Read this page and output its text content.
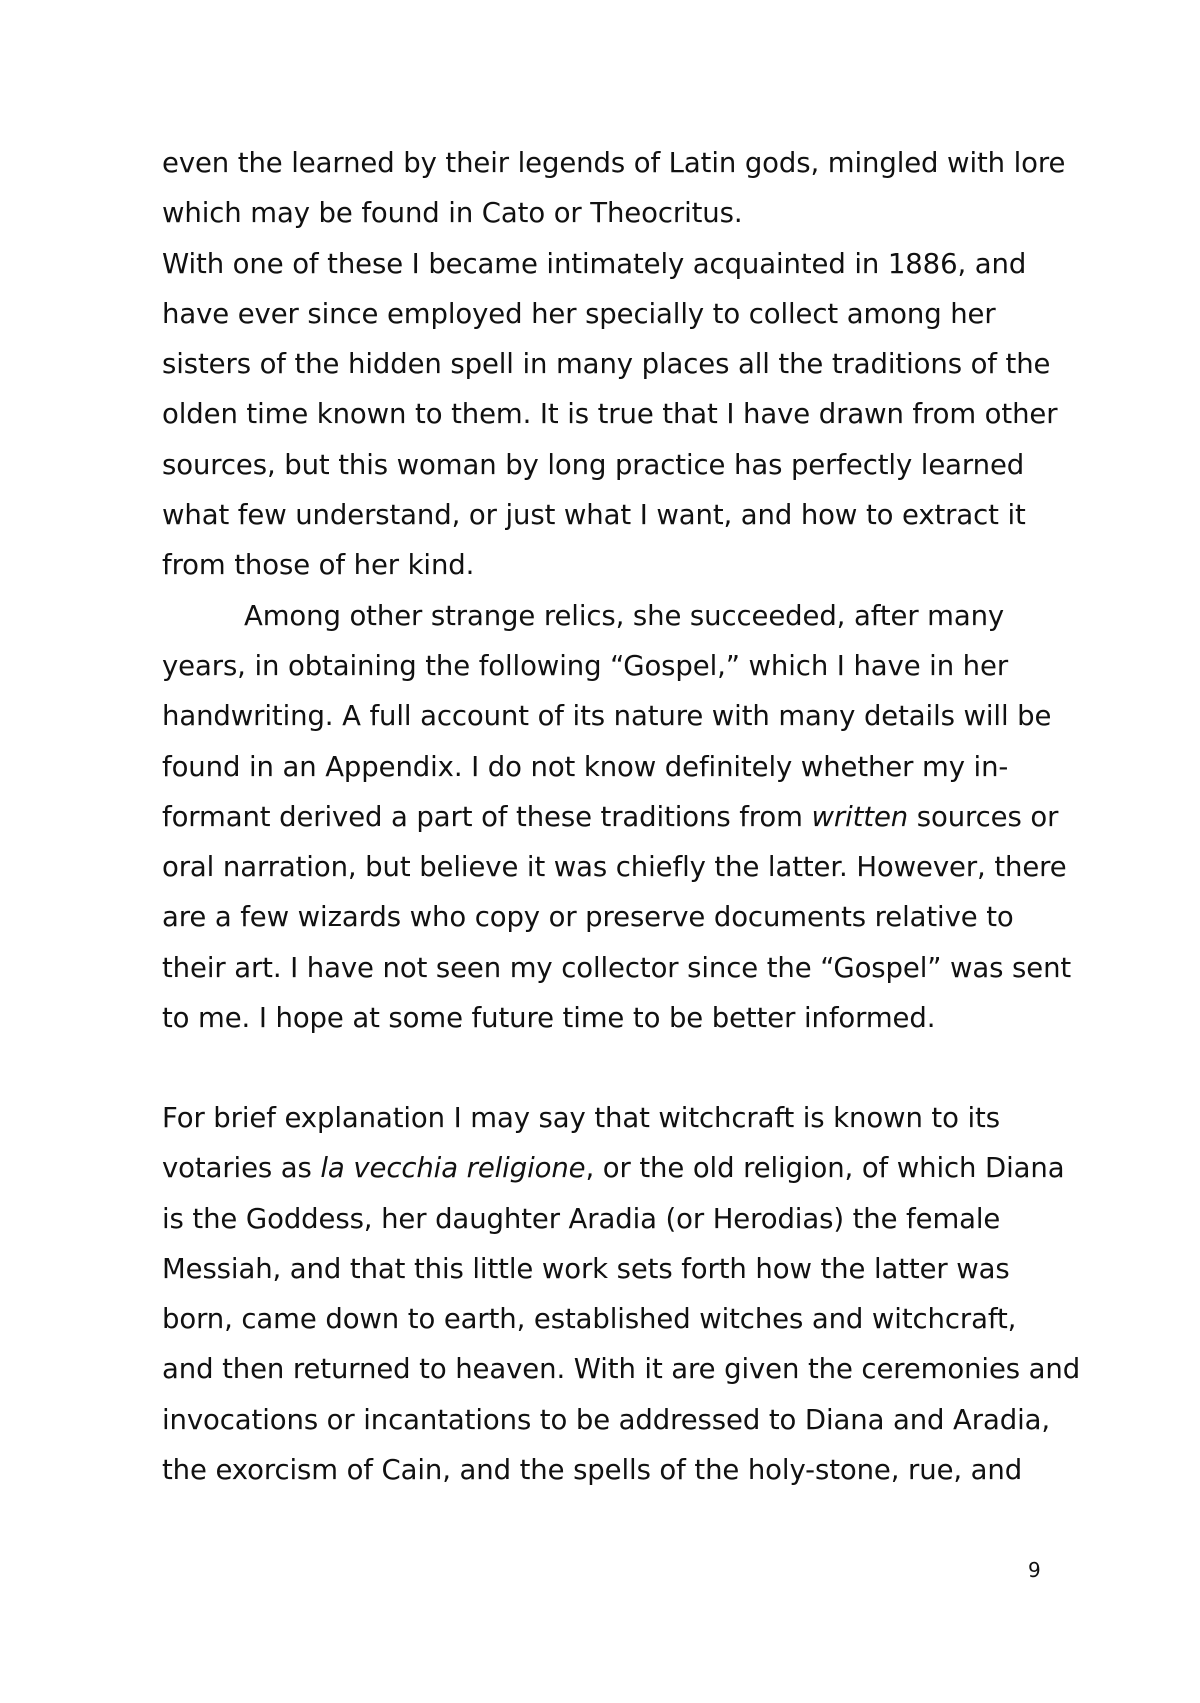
even the learned by their legends of Latin gods, mingled with lore
which may be found in Cato or Theocritus.
With one of these I became intimately acquainted in 1886, and
have ever since employed her specially to collect among her
sisters of the hidden spell in many places all the traditions of the
olden time known to them. It is true that I have drawn from other
sources, but this woman by long practice has perfectly learned
what few understand, or just what I want, and how to extract it
from those of her kind.
Among other strange relics, she succeeded, after many
years, in obtaining the following “Gospel,” which I have in her
handwriting. A full account of its nature with many details will be
found in an Appendix. I do not know definitely whether my in-
formant derived a part of these traditions from written sources or
oral narration, but believe it was chiefly the latter. However, there
are a few wizards who copy or preserve documents relative to
their art. I have not seen my collector since the “Gospel” was sent
to me. I hope at some future time to be better informed.
For brief explanation I may say that witchcraft is known to its
votaries as la vecchia religione, or the old religion, of which Diana
is the Goddess, her daughter Aradia (or Herodias) the female
Messiah, and that this little work sets forth how the latter was
born, came down to earth, established witches and witchcraft,
and then returned to heaven. With it are given the ceremonies and
invocations or incantations to be addressed to Diana and Aradia,
the exorcism of Cain, and the spells of the holy-stone, rue, and
9
